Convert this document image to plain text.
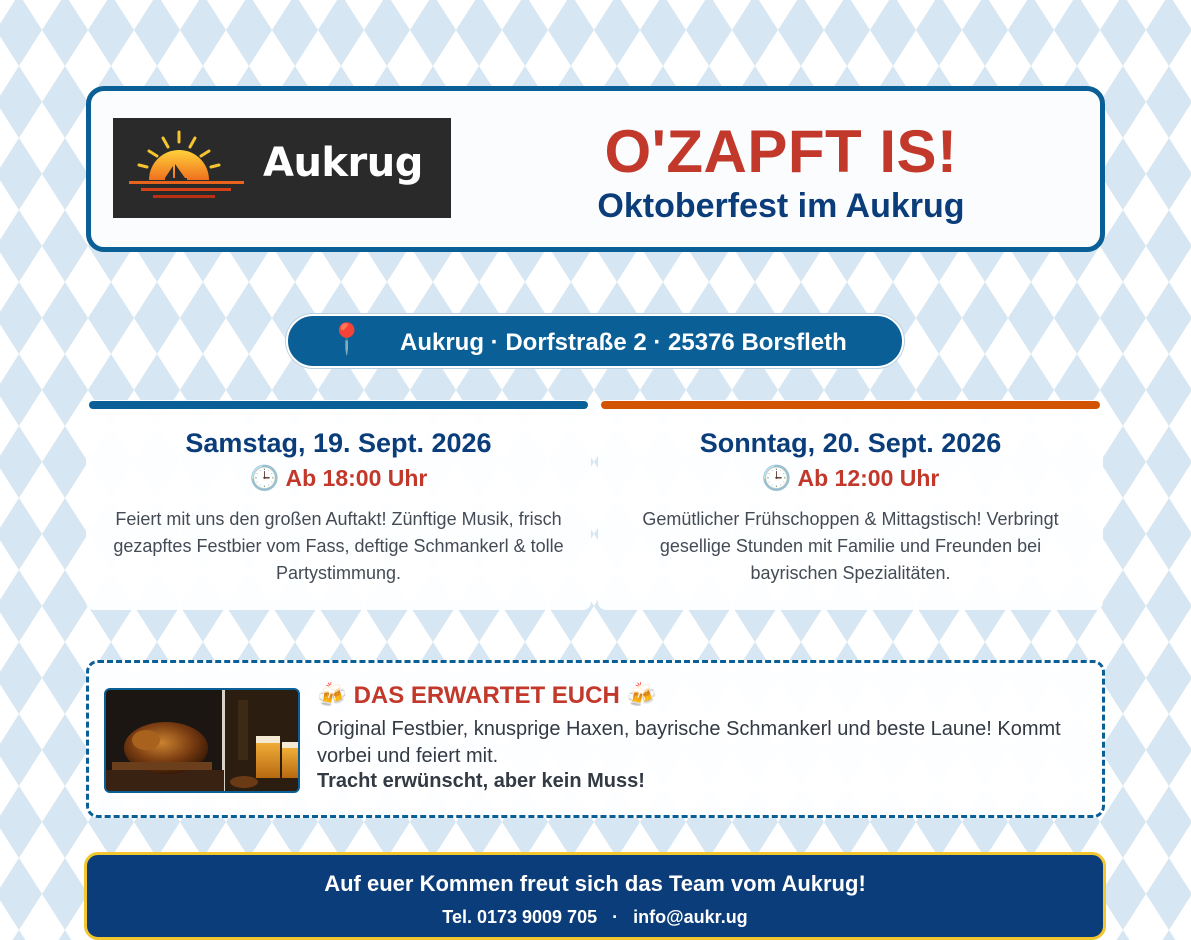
Aukrug	O'ZAPFT IS!
Oktoberfest im Aukrug
📍 Aukrug · Dorfstraße 2 · 25376 Borsfleth
Samstag, 19. Sept. 2026
🕒 Ab 18:00 Uhr
Feiert mit uns den großen Auftakt! Zünftige Musik, frisch gezapftes Festbier vom Fass, deftige Schmankerl & tolle Partystimmung.
Sonntag, 20. Sept. 2026
🕒 Ab 12:00 Uhr
Gemütlicher Frühschoppen & Mittagstisch! Verbringt gesellige Stunden mit Familie und Freunden bei bayrischen Spezialitäten.
🍻 DAS ERWARTET EUCH 🍻
Original Festbier, knusprige Haxen, bayrische Schmankerl und beste Laune! Kommt vorbei und feiert mit.
Tracht erwünscht, aber kein Muss!
Auf euer Kommen freut sich das Team vom Aukrug!
Tel. 0173 9009 705 · info@aukr.ug
